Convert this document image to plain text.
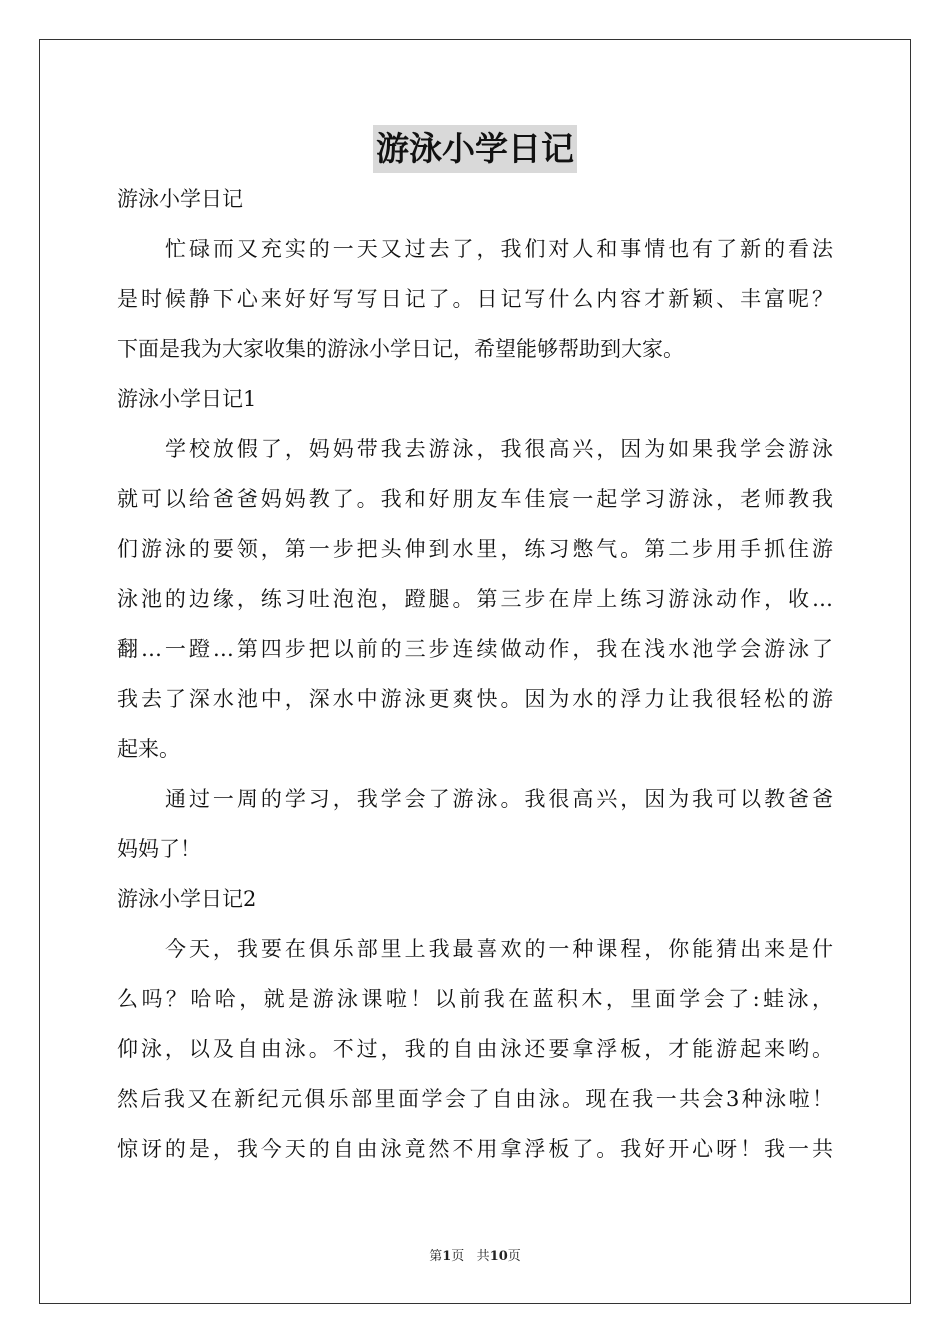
游泳小学日记
游泳小学日记
忙碌而又充实的一天又过去了，我们对人和事情也有了新的看法
是时候静下心来好好写写日记了。日记写什么内容才新颖、丰富呢？
下面是我为大家收集的游泳小学日记，希望能够帮助到大家。
游泳小学日记1
学校放假了，妈妈带我去游泳，我很高兴，因为如果我学会游泳
就可以给爸爸妈妈教了。我和好朋友车佳宸一起学习游泳，老师教我
们游泳的要领，第一步把头伸到水里，练习憋气。第二步用手抓住游
泳池的边缘，练习吐泡泡，蹬腿。第三步在岸上练习游泳动作，收…
翻…一蹬…第四步把以前的三步连续做动作，我在浅水池学会游泳了
我去了深水池中，深水中游泳更爽快。因为水的浮力让我很轻松的游
起来。
通过一周的学习，我学会了游泳。我很高兴，因为我可以教爸爸
妈妈了！
游泳小学日记2
今天，我要在俱乐部里上我最喜欢的一种课程，你能猜出来是什
么吗？哈哈，就是游泳课啦！以前我在蓝积木，里面学会了:蛙泳，
仰泳，以及自由泳。不过，我的自由泳还要拿浮板，才能游起来哟。
然后我又在新纪元俱乐部里面学会了自由泳。现在我一共会3种泳啦！
惊讶的是，我今天的自由泳竟然不用拿浮板了。我好开心呀！我一共
第1页 共10页
